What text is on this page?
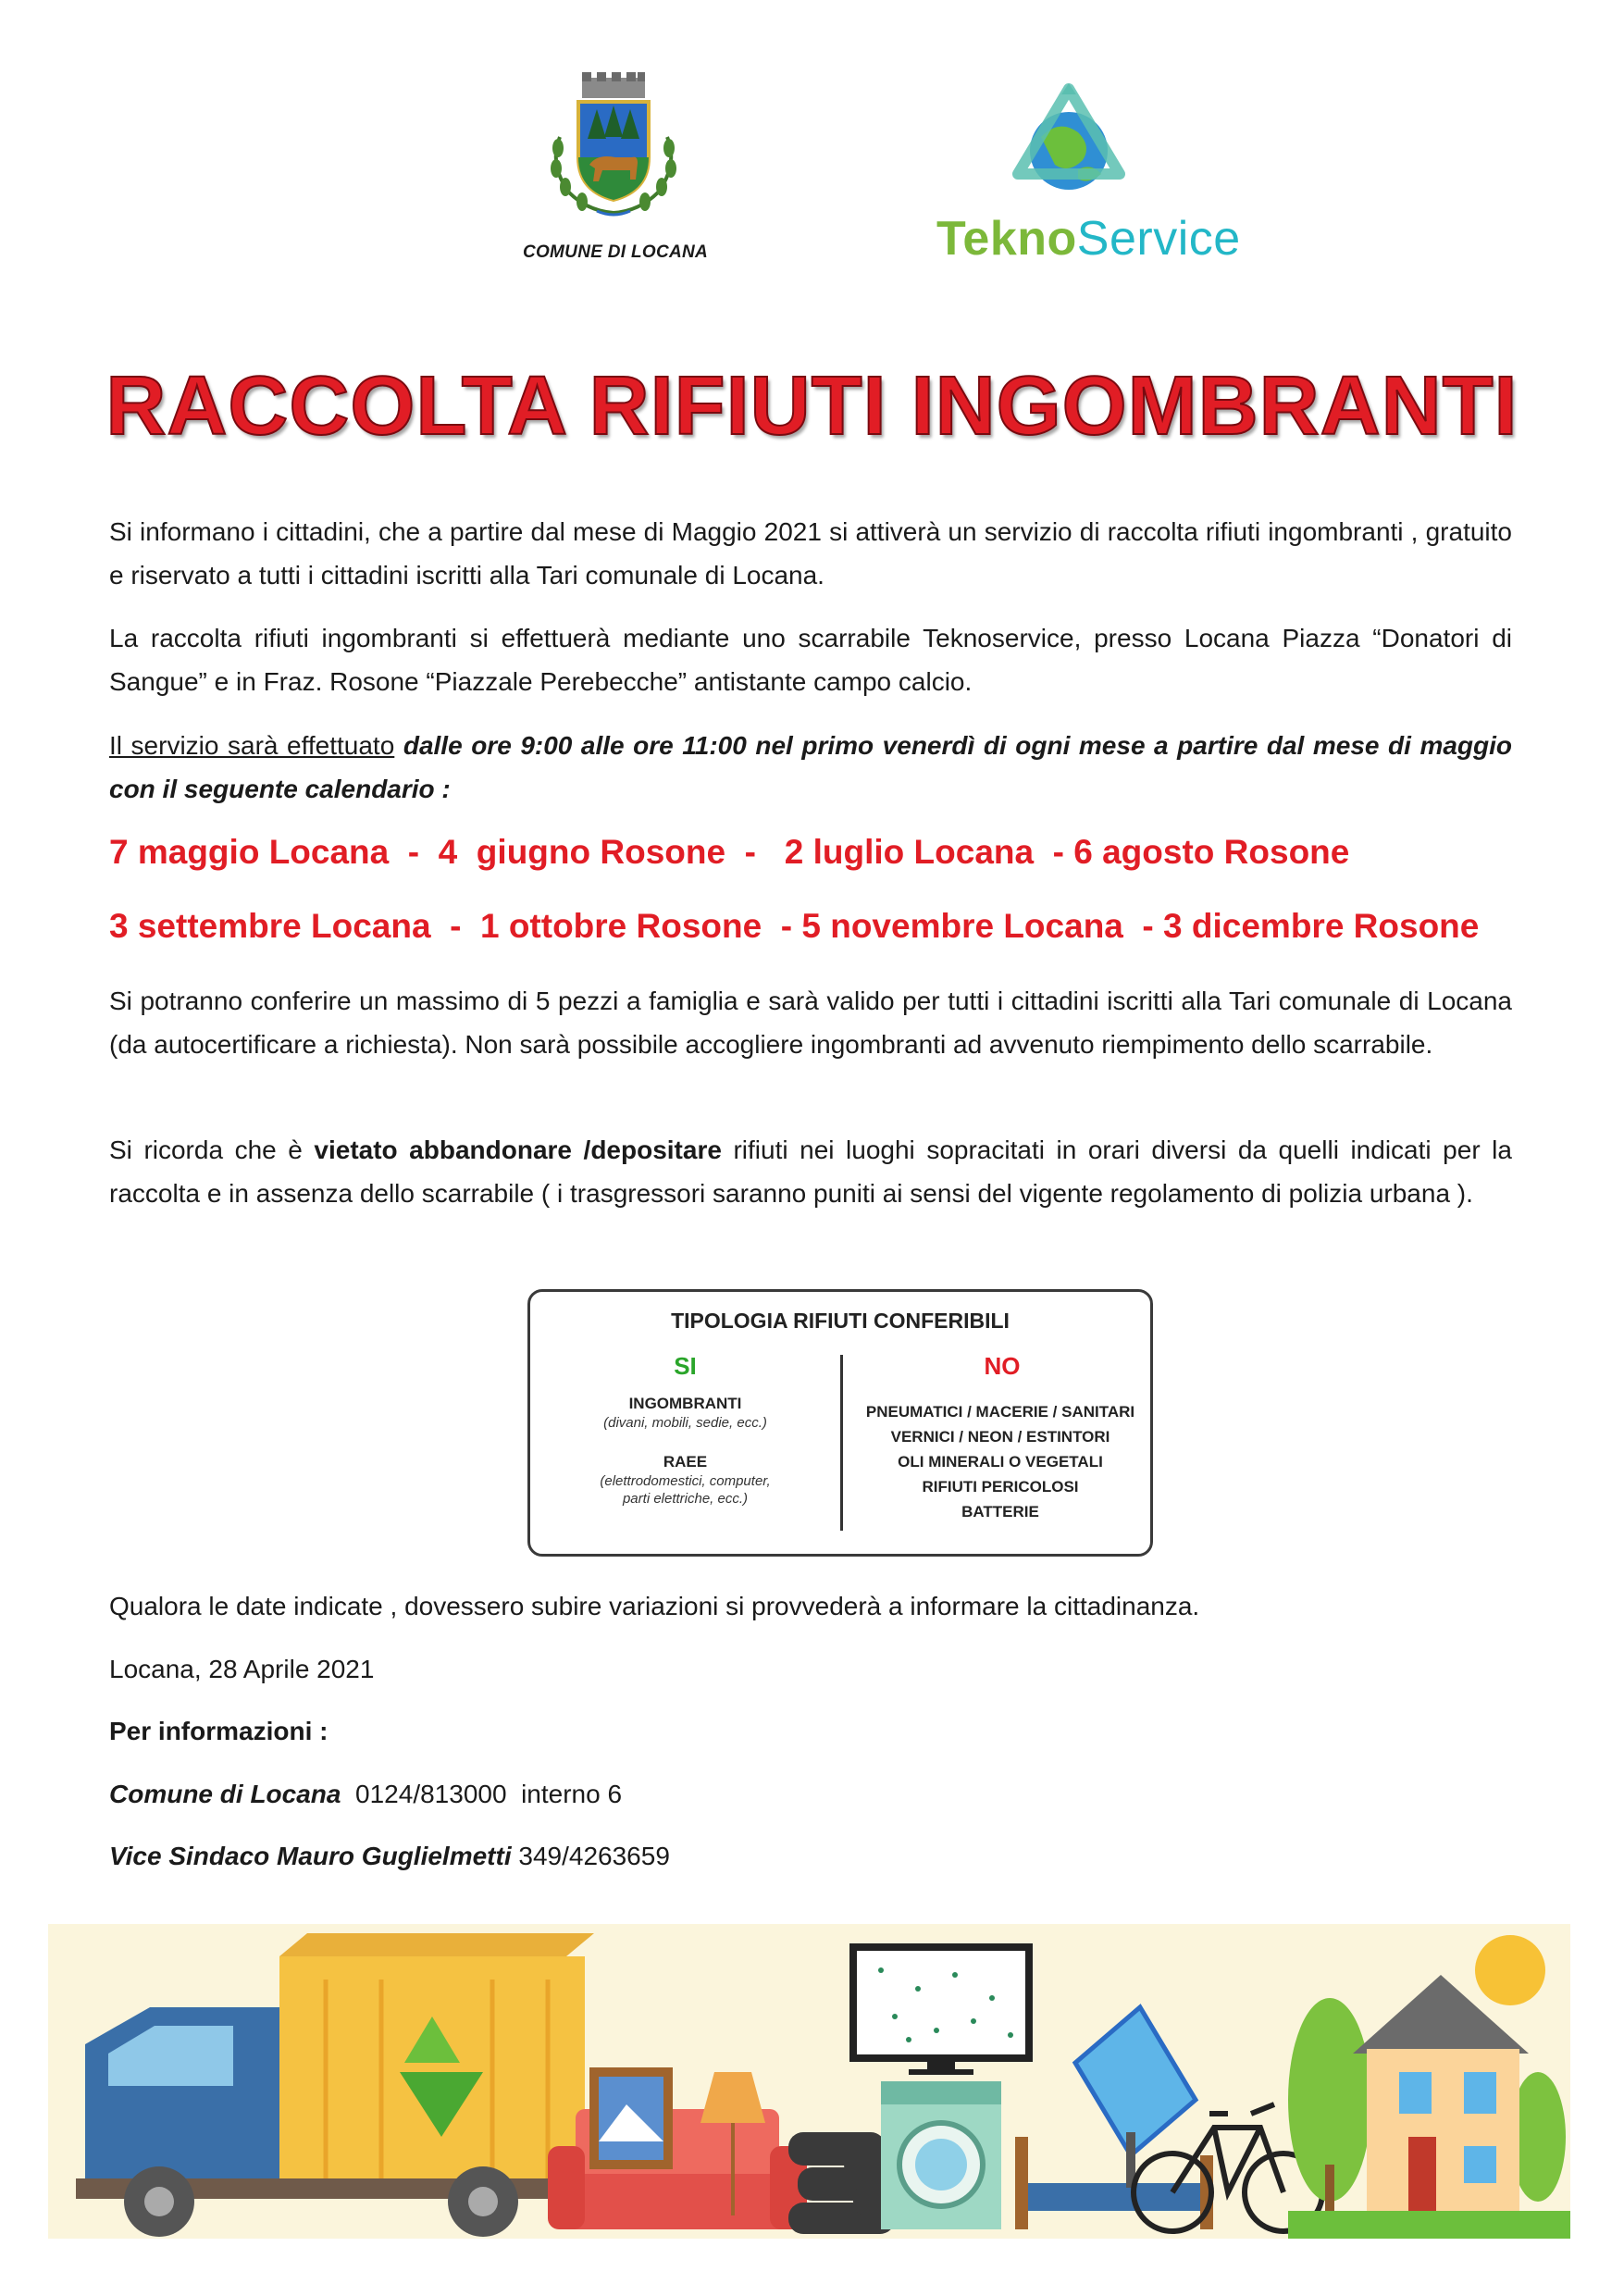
COMUNE DI LOCANA	TeknoService
RACCOLTA RIFIUTI INGOMBRANTI
Si informano i cittadini, che a partire dal mese di Maggio 2021 si attiverà un servizio di raccolta rifiuti ingombranti , gratuito e riservato a tutti i cittadini iscritti alla Tari comunale di Locana.
La raccolta rifiuti ingombranti si effettuerà mediante uno scarrabile Teknoservice, presso Locana Piazza “Donatori di Sangue” e in Fraz. Rosone “Piazzale Perebecche” antistante campo calcio.
Il servizio sarà effettuato dalle ore 9:00 alle ore 11:00 nel primo venerdì di ogni mese a partire dal mese di maggio con il seguente calendario :
7 maggio Locana  -  4  giugno Rosone  -   2 luglio Locana  - 6 agosto Rosone
3 settembre Locana  -  1 ottobre Rosone  - 5 novembre Locana  - 3 dicembre Rosone
Si potranno conferire un massimo di 5 pezzi a famiglia e sarà valido per tutti i cittadini iscritti alla Tari comunale di Locana (da autocertificare a richiesta). Non sarà possibile accogliere ingombranti ad avvenuto riempimento dello scarrabile.
Si ricorda che è vietato abbandonare /depositare rifiuti nei luoghi sopracitati in orari diversi da quelli indicati per la raccolta e in assenza dello scarrabile ( i trasgressori saranno puniti ai sensi del vigente regolamento di polizia urbana ).
TIPOLOGIA RIFIUTI CONFERIBILI
SI	NO
INGOMBRANTI
(divani, mobili, sedie, ecc.)
RAEE
(elettrodomestici, computer,
parti elettriche, ecc.)
PNEUMATICI / MACERIE / SANITARI
VERNICI / NEON / ESTINTORI
OLI MINERALI O VEGETALI
RIFIUTI PERICOLOSI
BATTERIE
Qualora le date indicate , dovessero subire variazioni si provvederà a informare la cittadinanza.
Locana, 28 Aprile 2021
Per informazioni :
Comune di Locana  0124/813000  interno 6
Vice Sindaco Mauro Guglielmetti 349/4263659
